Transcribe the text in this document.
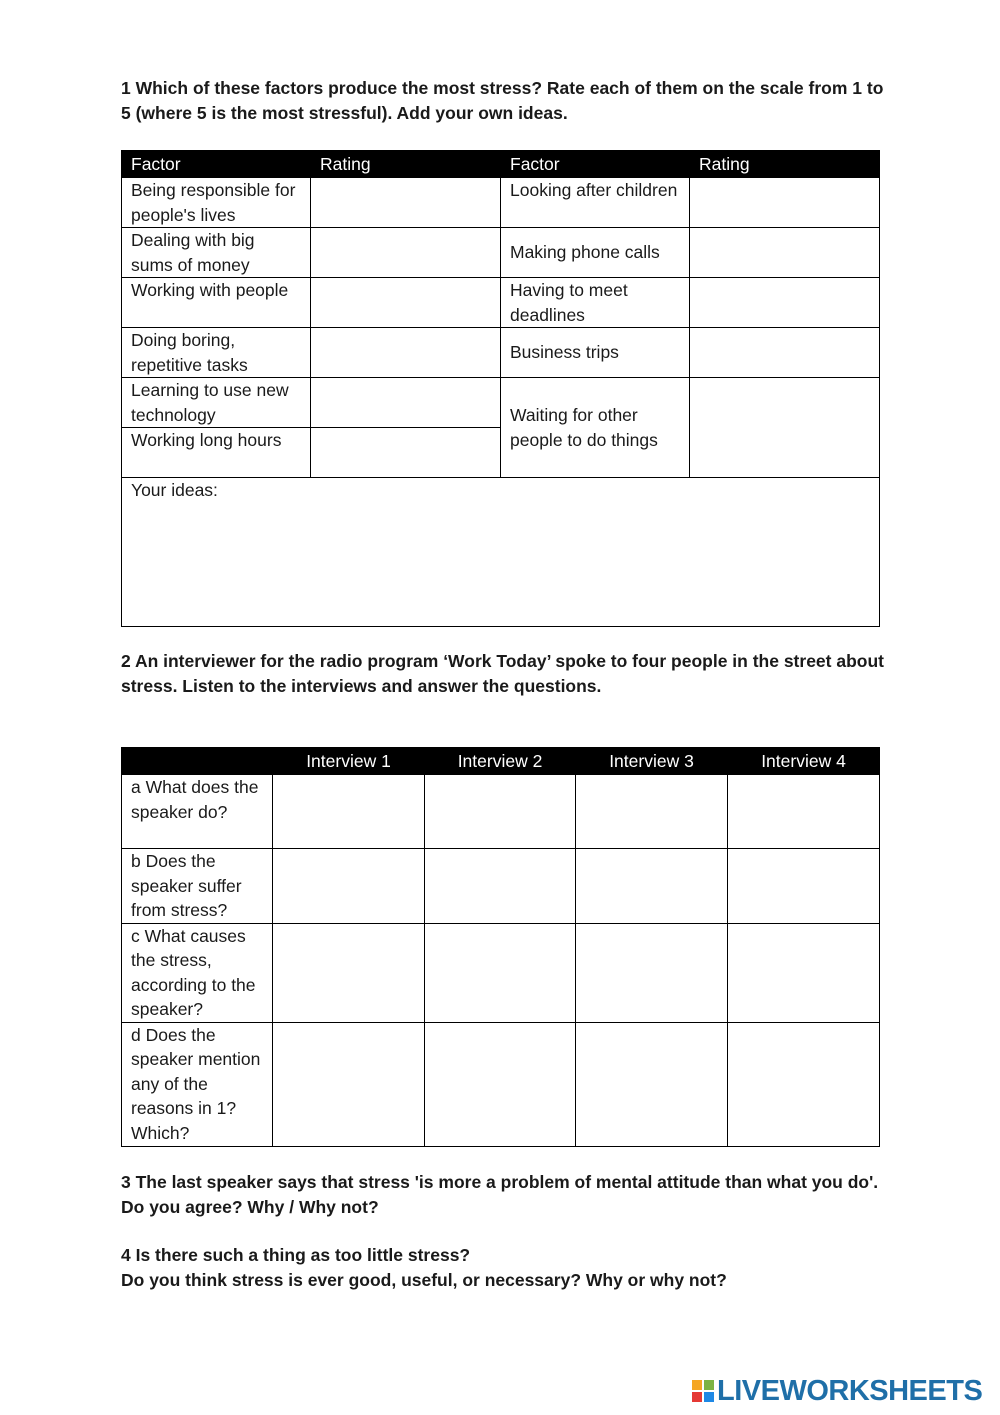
1 Which of these factors produce the most stress? Rate each of them on the scale from 1 to 5 (where 5 is the most stressful). Add your own ideas.

Factor	Rating	Factor	Rating
Being responsible for people's lives		Looking after children	
Dealing with big sums of money		Making phone calls	
Working with people		Having to meet deadlines	
Doing boring, repetitive tasks		Business trips	
Learning to use new technology		Waiting for other people to do things	
Working long hours			
Your ideas:			

2 An interviewer for the radio program ‘Work Today’ spoke to four people in the street about stress. Listen to the interviews and answer the questions.

	Interview 1	Interview 2	Interview 3	Interview 4
a What does the speaker do?				
b Does the speaker suffer from stress?				
c What causes the stress, according to the speaker?				
d Does the speaker mention any of the reasons in 1? Which?				

3 The last speaker says that stress 'is more a problem of mental attitude than what you do'. Do you agree? Why / Why not?

4 Is there such a thing as too little stress?
Do you think stress is ever good, useful, or necessary? Why or why not?

LIVEWORKSHEETS
